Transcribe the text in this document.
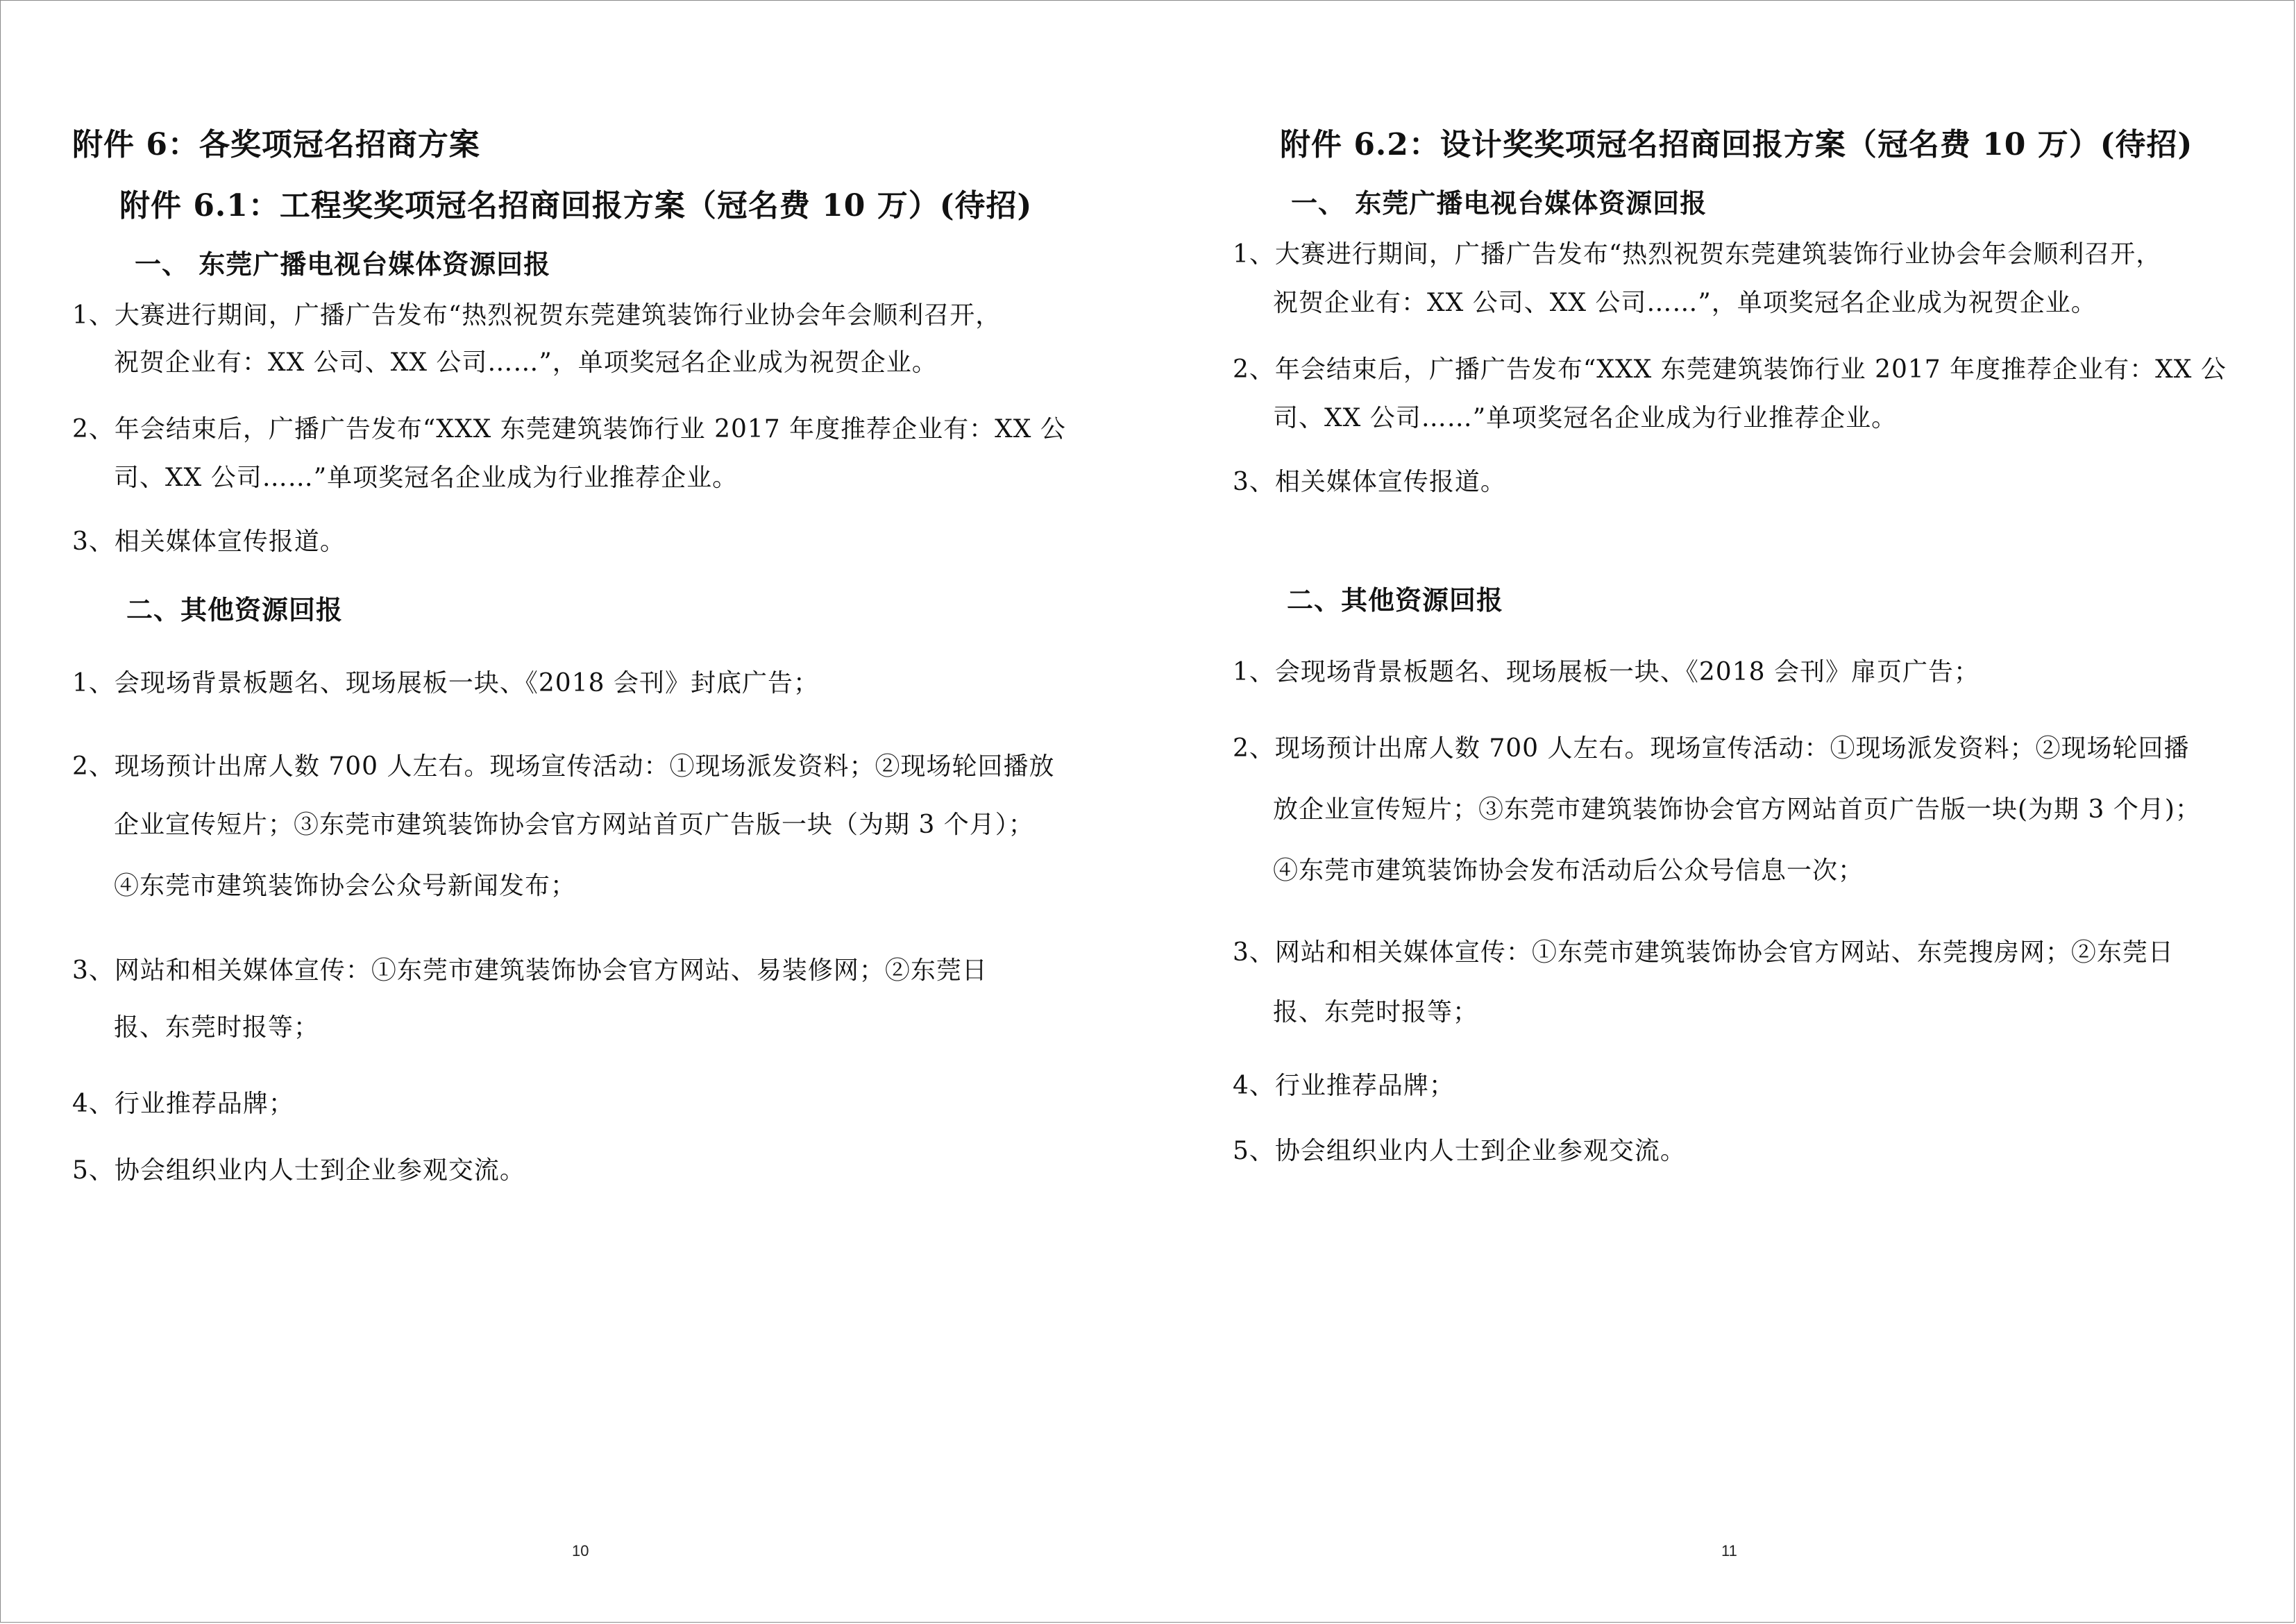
附件 6：各奖项冠名招商方案
附件 6.1：工程奖奖项冠名招商回报方案（冠名费 10 万）(待招)
一、 东莞广播电视台媒体资源回报
1、大赛进行期间，广播广告发布“热烈祝贺东莞建筑装饰行业协会年会顺利召开，
祝贺企业有：XX 公司、XX 公司……”，单项奖冠名企业成为祝贺企业。
2、年会结束后，广播广告发布“XXX 东莞建筑装饰行业 2017 年度推荐企业有：XX 公
司、XX 公司……”单项奖冠名企业成为行业推荐企业。
3、相关媒体宣传报道。
二、其他资源回报
1、会现场背景板题名、现场展板一块、《2018 会刊》封底广告；
2、现场预计出席人数 700 人左右。现场宣传活动：①现场派发资料；②现场轮回播放
企业宣传短片；③东莞市建筑装饰协会官方网站首页广告版一块（为期 3 个月）；
④东莞市建筑装饰协会公众号新闻发布；
3、网站和相关媒体宣传：①东莞市建筑装饰协会官方网站、易装修网；②东莞日
报、东莞时报等；
4、行业推荐品牌；
5、协会组织业内人士到企业参观交流。
10
附件 6.2：设计奖奖项冠名招商回报方案（冠名费 10 万）(待招)
一、 东莞广播电视台媒体资源回报
1、大赛进行期间，广播广告发布“热烈祝贺东莞建筑装饰行业协会年会顺利召开，
祝贺企业有：XX 公司、XX 公司……”，单项奖冠名企业成为祝贺企业。
2、年会结束后，广播广告发布“XXX 东莞建筑装饰行业 2017 年度推荐企业有：XX 公
司、XX 公司……”单项奖冠名企业成为行业推荐企业。
3、相关媒体宣传报道。
二、其他资源回报
1、会现场背景板题名、现场展板一块、《2018 会刊》扉页广告；
2、现场预计出席人数 700 人左右。现场宣传活动：①现场派发资料；②现场轮回播
放企业宣传短片；③东莞市建筑装饰协会官方网站首页广告版一块(为期 3 个月)；
④东莞市建筑装饰协会发布活动后公众号信息一次；
3、网站和相关媒体宣传：①东莞市建筑装饰协会官方网站、东莞搜房网；②东莞日
报、东莞时报等；
4、行业推荐品牌；
5、协会组织业内人士到企业参观交流。
11
